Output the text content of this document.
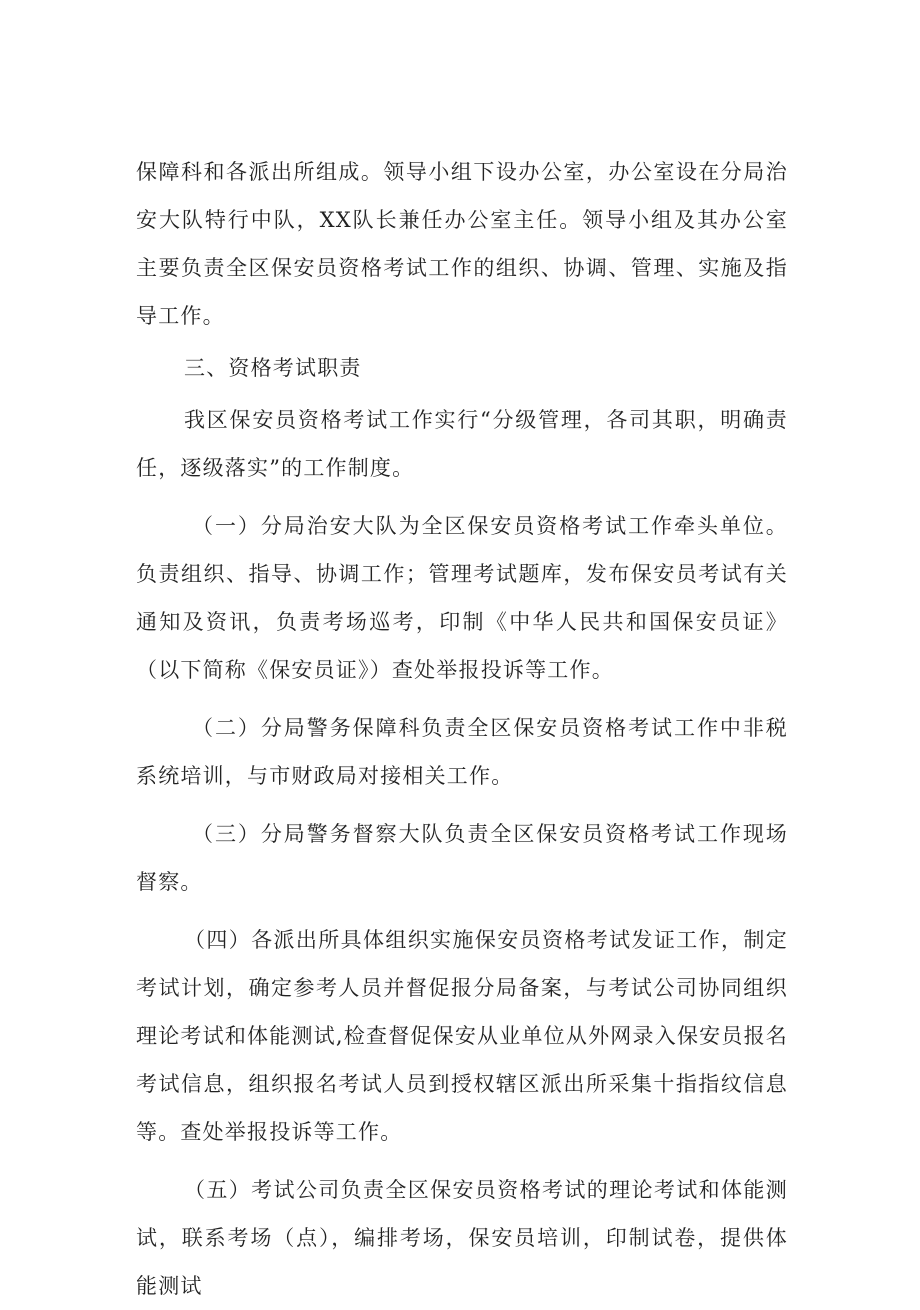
保障科和各派出所组成。领导小组下设办公室，办公室设在分局治安大队特行中队，XX队长兼任办公室主任。领导小组及其办公室主要负责全区保安员资格考试工作的组织、协调、管理、实施及指导工作。

三、资格考试职责

我区保安员资格考试工作实行“分级管理，各司其职，明确责任，逐级落实”的工作制度。

（一）分局治安大队为全区保安员资格考试工作牵头单位。负责组织、指导、协调工作；管理考试题库，发布保安员考试有关通知及资讯，负责考场巡考，印制《中华人民共和国保安员证》（以下简称《保安员证》）查处举报投诉等工作。

（二）分局警务保障科负责全区保安员资格考试工作中非税系统培训，与市财政局对接相关工作。

（三）分局警务督察大队负责全区保安员资格考试工作现场督察。

（四）各派出所具体组织实施保安员资格考试发证工作，制定考试计划，确定参考人员并督促报分局备案，与考试公司协同组织理论考试和体能测试,检查督促保安从业单位从外网录入保安员报名考试信息，组织报名考试人员到授权辖区派出所采集十指指纹信息等。查处举报投诉等工作。

（五）考试公司负责全区保安员资格考试的理论考试和体能测试，联系考场（点），编排考场，保安员培训，印制试卷，提供体能测试
